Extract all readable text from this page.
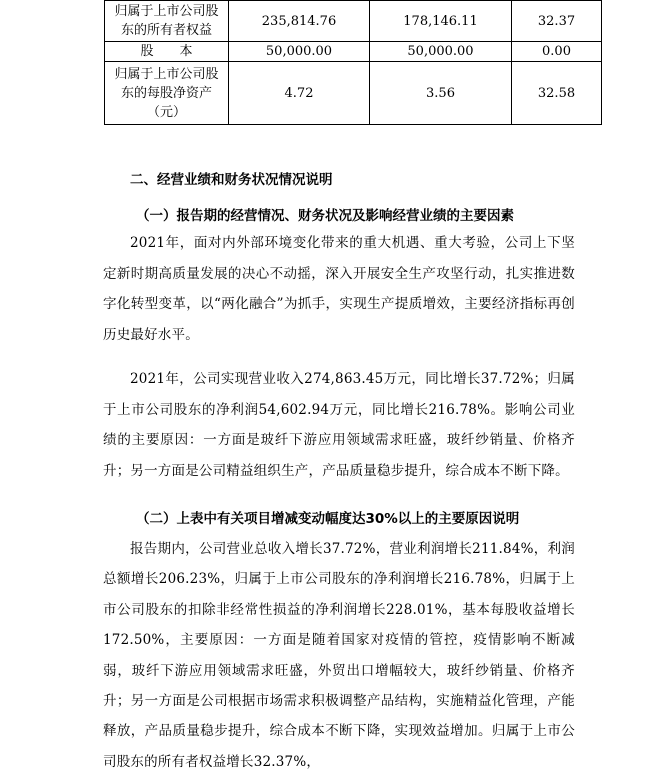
归属于上市公司股
东的所有者权益	235,814.76	178,146.11	32.37

股　　本	50,000.00	50,000.00	0.00

归属于上市公司股
东的每股净资产
（元）	4.72	3.56	32.58
二、经营业绩和财务状况情况说明
（一）报告期的经营情况、财务状况及影响经营业绩的主要因素
2021年，面对内外部环境变化带来的重大机遇、重大考验，公司上下坚定新时期高质量发展的决心不动摇，深入开展安全生产攻坚行动，扎实推进数字化转型变革，以“两化融合”为抓手，实现生产提质增效，主要经济指标再创历史最好水平。
2021年，公司实现营业收入274,863.45万元，同比增长37.72%；归属于上市公司股东的净利润54,602.94万元，同比增长216.78%。影响公司业绩的主要原因：一方面是玻纤下游应用领域需求旺盛，玻纤纱销量、价格齐升；另一方面是公司精益组织生产，产品质量稳步提升，综合成本不断下降。
（二）上表中有关项目增减变动幅度达30%以上的主要原因说明
报告期内，公司营业总收入增长37.72%，营业利润增长211.84%，利润总额增长206.23%，归属于上市公司股东的净利润增长216.78%，归属于上市公司股东的扣除非经常性损益的净利润增长228.01%，基本每股收益增长172.50%，主要原因：一方面是随着国家对疫情的管控，疫情影响不断减弱，玻纤下游应用领域需求旺盛，外贸出口增幅较大，玻纤纱销量、价格齐升；另一方面是公司根据市场需求积极调整产品结构，实施精益化管理，产能释放，产品质量稳步提升，综合成本不断下降，实现效益增加。归属于上市公司股东的所有者权益增长32.37%，
